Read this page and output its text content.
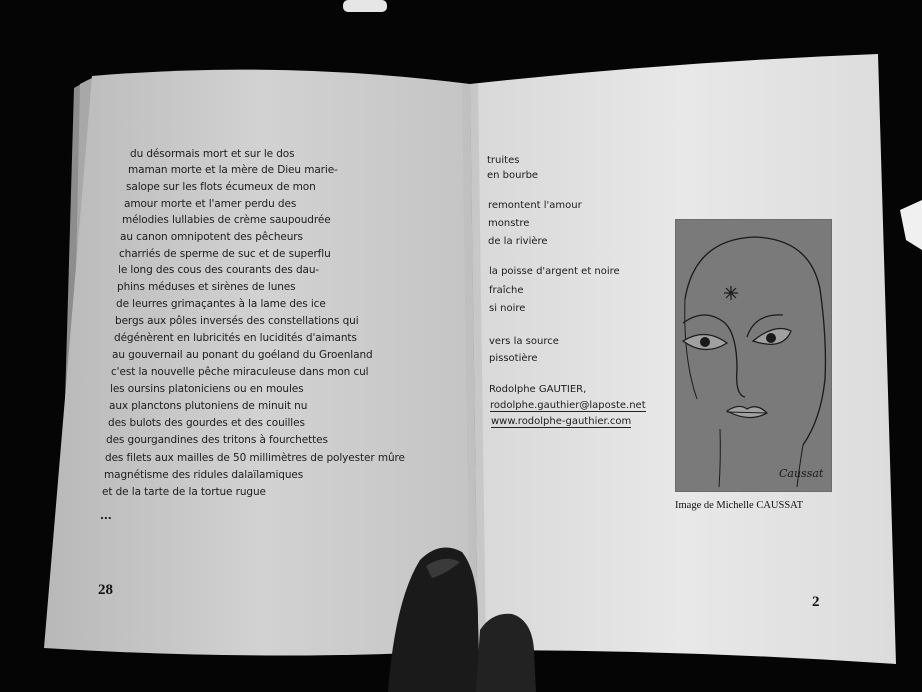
du désormais mort et sur le dos
maman morte et la mère de Dieu marie-
salope sur les flots écumeux de mon
amour morte et l'amer perdu des
mélodies lullabies de crème saupoudrée
au canon omnipotent des pêcheurs
charriés de sperme de suc et de superflu
le long des cous des courants des dau-
phins méduses et sirènes de lunes
de leurres grimaçantes à la lame des ice
bergs aux pôles inversés des constellations qui
dégénèrent en lubricités en lucidités d'aimants
au gouvernail au ponant du goéland du Groenland
c'est la nouvelle pêche miraculeuse dans mon cul
les oursins platoniciens ou en moules
aux planctons plutoniens de minuit nu
des bulots des gourdes et des couilles
des gourgandines des tritons à fourchettes
des filets aux mailles de 50 millimètres de polyester mûre
magnétisme des ridules dalaïlamiques
et de la tarte de la tortue rugue
...
28
truites
en bourbe
remontent l'amour
monstre
de la rivière
la poisse d'argent et noire
fraîche
si noire
vers la source
pissotière
Rodolphe GAUTIER,
rodolphe.gauthier@laposte.net
www.rodolphe-gauthier.com
Caussat
Image de Michelle CAUSSAT
2
